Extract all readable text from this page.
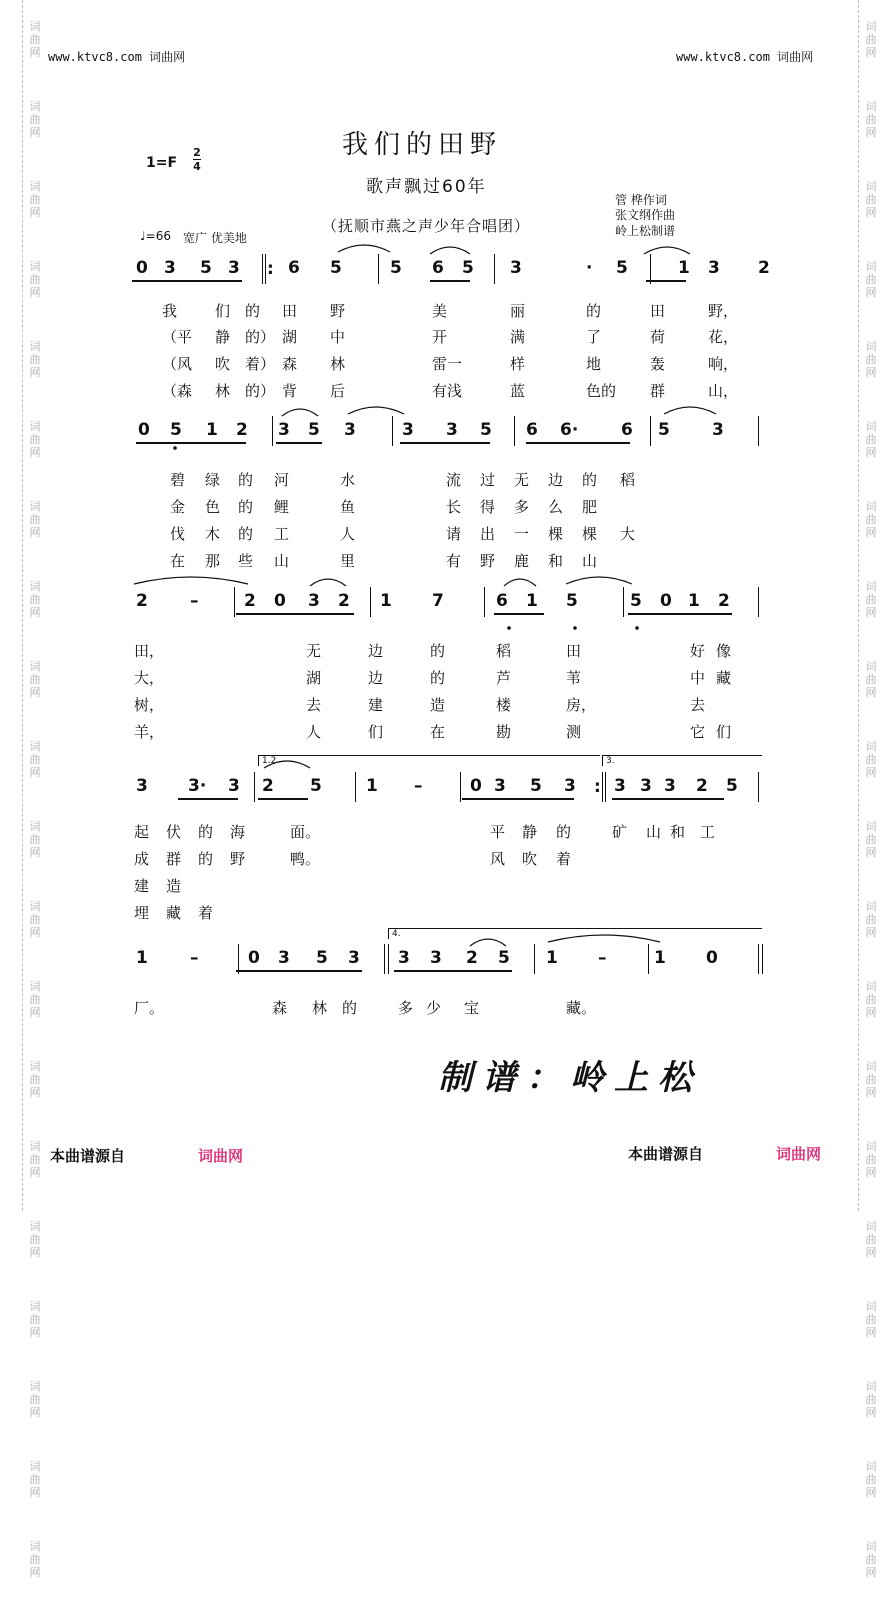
词
曲
网
词
曲
网
词
曲
网
词
曲
网
词
曲
网
词
曲
网
词
曲
网
词
曲
网
词
曲
网
词
曲
网
词
曲
网
词
曲
网
词
曲
网
词
曲
网
词
曲
网
词
曲
网
词
曲
网
词
曲
网
词
曲
网
词
曲
网
词
曲
网
词
曲
网
词
曲
网
词
曲
网
词
曲
网
词
曲
网
词
曲
网
词
曲
网
词
曲
网
词
曲
网
词
曲
网
词
曲
网
词
曲
网
词
曲
网
词
曲
网
词
曲
网
词
曲
网
词
曲
网
词
曲
网
词
曲
网
www.ktvc8.com 词曲网	www.ktvc8.com 词曲网
我们的田野
歌声飘过60年
（抚顺市燕之声少年合唱团）
1=F
2
4
♩=66 宽广 优美地
管 桦作词
张文纲作曲
岭上松制谱
0 3 5 3 : 6 5	5 6 5 3	· 5	1 3 2
我	们 的 田 野	美	丽	的	田	野，
（平 静 的） 湖 中	开	满	了	荷	花，
（风 吹 着） 森 林	雷一	样	地	轰	响，
（森 林 的） 背 后	有浅	蓝	色的 群	山，
0 5 1 2 3 5 3	3 3 5 6 6·	6 5 3
碧 绿 的 河	水	流 过 无 边 的 稻
金 色 的 鲤	鱼	长 得 多 么 肥
伐 木 的 工	人	请 出 一 棵 棵 大
在 那 些 山	里	有 野 鹿 和 山
2 –	2 0 3 2 1 7	6 1 5	5 0 1 2
田，	无	边	的	稻	田	好 像
大，	湖	边	的	芦	苇	中 藏
树，	去	建	造	楼	房，	去
羊，	人	们	在	勘	测	它 们
3 3· 3 2 5	1 –	0 3 5 3 : 3 3 3 2 5
起 伏 的 海	面。	平 静 的	矿 山 和 工
成 群 的 野	鸭。	风 吹 着
建 造
埋 藏 着
1 –	0 3 5 3 3 3 2 5 1 –	1 0
厂。	森 林 的	多 少 宝	藏。
1.2	3.
4.
制谱：岭上松
本曲谱源自	词曲网	本曲谱源自	词曲网
